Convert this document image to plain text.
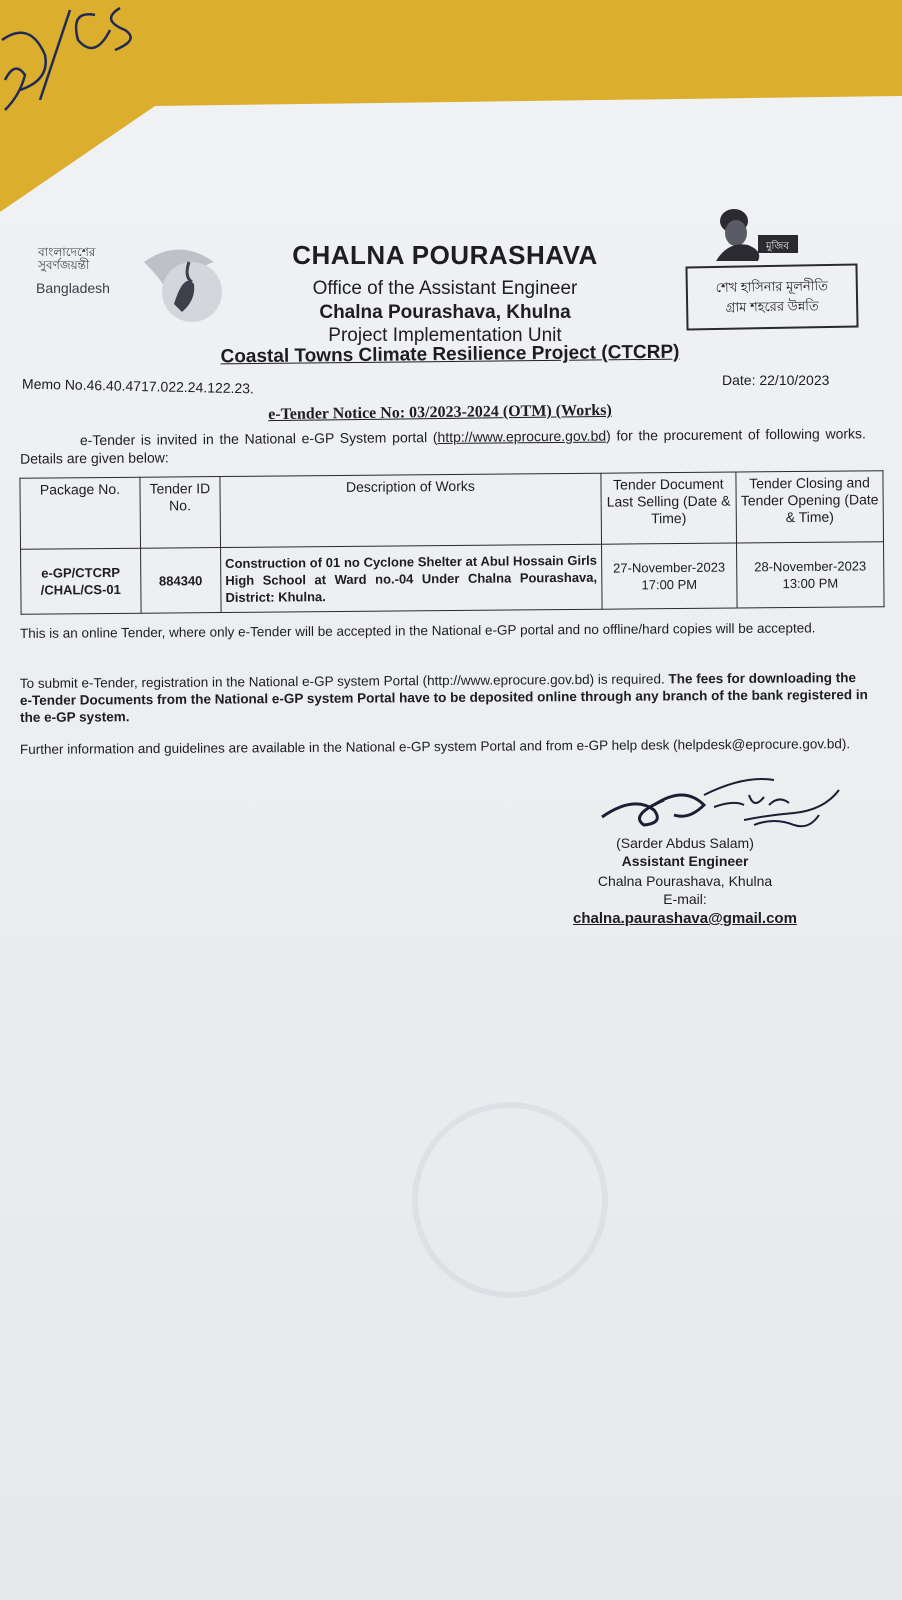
বাংলাদেশের সুবর্ণজয়ন্তী
Bangladesh
CHALNA POURASHAVA
Office of the Assistant Engineer
Chalna Pourashava, Khulna
Project Implementation Unit
Coastal Towns Climate Resilience Project (CTCRP)
মুজিব
শেখ হাসিনার মূলনীতি
গ্রাম শহরের উন্নতি
Memo No.46.40.4717.022.24.122.23.	Date: 22/10/2023
e-Tender Notice No: 03/2023-2024 (OTM) (Works)
e-Tender is invited in the National e-GP System portal (http://www.eprocure.gov.bd) for the procurement of following works. Details are given below:
Package No.	Tender ID No.	Description of Works	Tender Document Last Selling (Date & Time)	Tender Closing and Tender Opening (Date & Time)
e-GP/CTCRP /CHAL/CS-01	884340	Construction of 01 no Cyclone Shelter at Abul Hossain Girls High School at Ward no.-04 Under Chalna Pourashava, District: Khulna.	27-November-2023 17:00 PM	28-November-2023 13:00 PM
This is an online Tender, where only e-Tender will be accepted in the National e-GP portal and no offline/hard copies will be accepted.
To submit e-Tender, registration in the National e-GP system Portal (http://www.eprocure.gov.bd) is required. The fees for downloading the e-Tender Documents from the National e-GP system Portal have to be deposited online through any branch of the bank registered in the e-GP system.
Further information and guidelines are available in the National e-GP system Portal and from e-GP help desk (helpdesk@eprocure.gov.bd).
(Sarder Abdus Salam)
Assistant Engineer
Chalna Pourashava, Khulna
E-mail:
chalna.paurashava@gmail.com
